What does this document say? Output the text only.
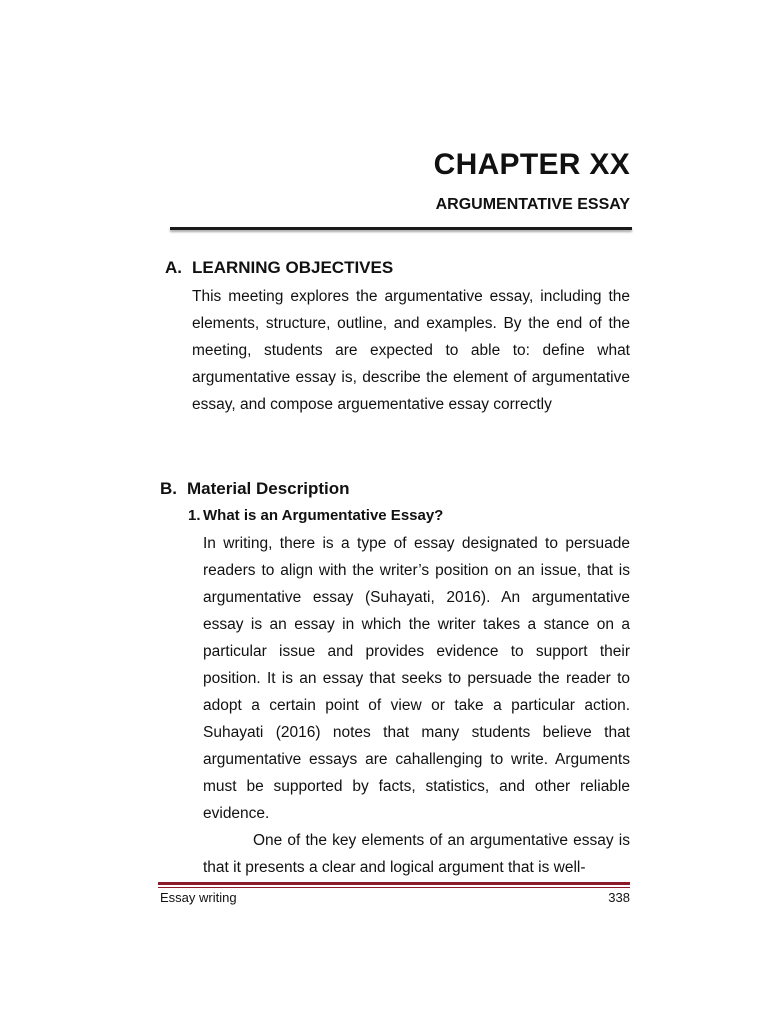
CHAPTER XX
ARGUMENTATIVE ESSAY
A. LEARNING OBJECTIVES

This meeting explores the argumentative essay, including the elements, structure, outline, and examples. By the end of the meeting, students are expected to able to: define what argumentative essay is, describe the element of argumentative essay, and compose arguementative essay correctly

B. Material Description
1. What is an Argumentative Essay?

In writing, there is a type of essay designated to persuade readers to align with the writer’s position on an issue, that is argumentative essay (Suhayati, 2016). An argumentative essay is an essay in which the writer takes a stance on a particular issue and provides evidence to support their position. It is an essay that seeks to persuade the reader to adopt a certain point of view or take a particular action. Suhayati (2016) notes that many students believe that argumentative essays are cahallenging to write. Arguments must be supported by facts, statistics, and other reliable evidence.

One of the key elements of an argumentative essay is that it presents a clear and logical argument that is well-

Essay writing	338
